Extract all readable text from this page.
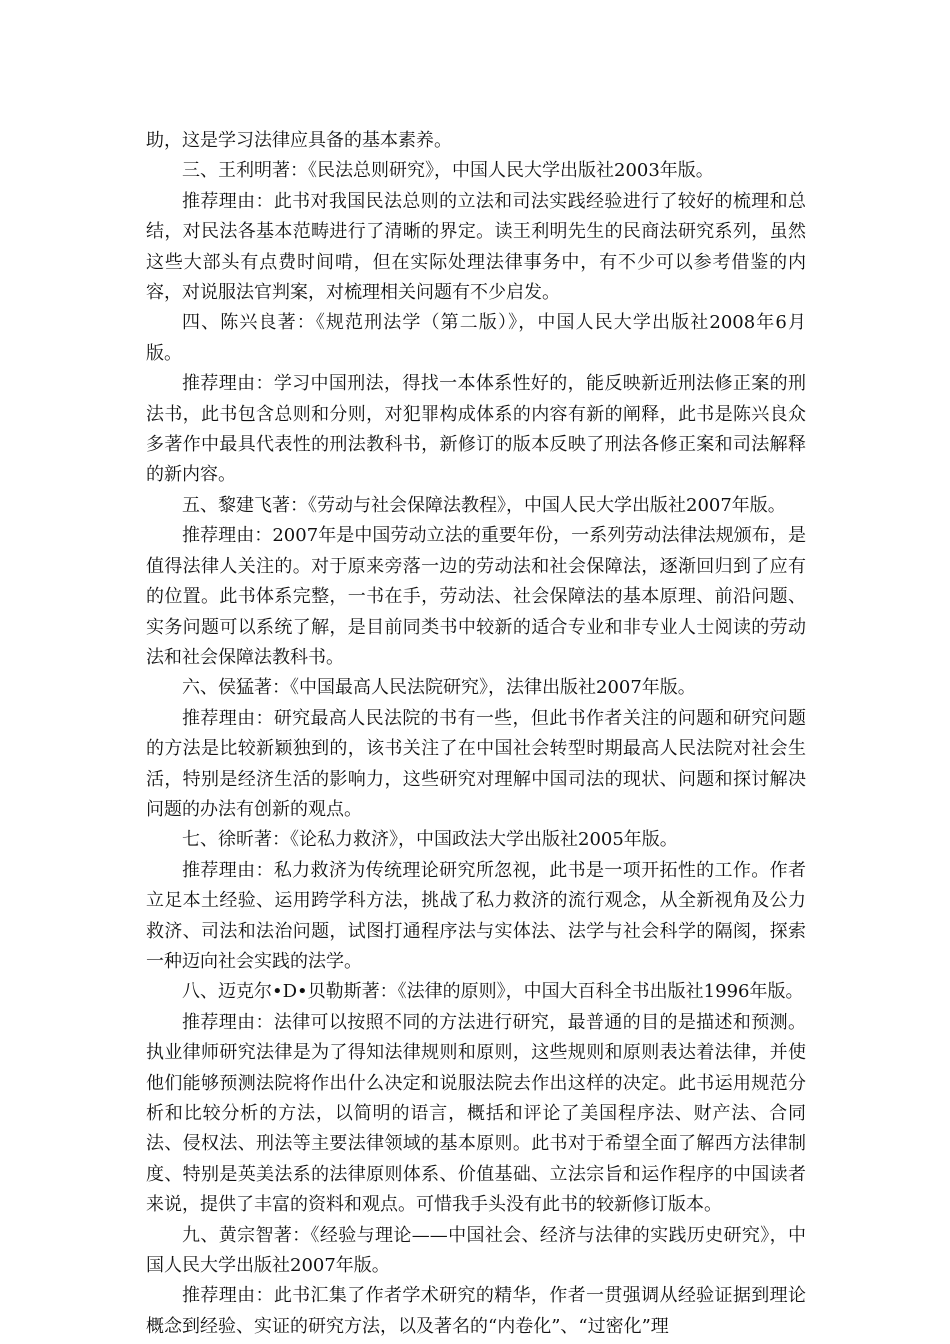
助，这是学习法律应具备的基本素养。

三、王利明著：《民法总则研究》，中国人民大学出版社2003年版。

推荐理由：此书对我国民法总则的立法和司法实践经验进行了较好的梳理和总结，对民法各基本范畴进行了清晰的界定。读王利明先生的民商法研究系列，虽然这些大部头有点费时间啃，但在实际处理法律事务中，有不少可以参考借鉴的内容，对说服法官判案，对梳理相关问题有不少启发。

四、陈兴良著：《规范刑法学（第二版）》，中国人民大学出版社2008年6月版。

推荐理由：学习中国刑法，得找一本体系性好的，能反映新近刑法修正案的刑法书，此书包含总则和分则，对犯罪构成体系的内容有新的阐释，此书是陈兴良众多著作中最具代表性的刑法教科书，新修订的版本反映了刑法各修正案和司法解释的新内容。

五、黎建飞著：《劳动与社会保障法教程》，中国人民大学出版社2007年版。

推荐理由：2007年是中国劳动立法的重要年份，一系列劳动法律法规颁布，是值得法律人关注的。对于原来旁落一边的劳动法和社会保障法，逐渐回归到了应有的位置。此书体系完整，一书在手，劳动法、社会保障法的基本原理、前沿问题、实务问题可以系统了解，是目前同类书中较新的适合专业和非专业人士阅读的劳动法和社会保障法教科书。

六、侯猛著：《中国最高人民法院研究》，法律出版社2007年版。

推荐理由：研究最高人民法院的书有一些，但此书作者关注的问题和研究问题的方法是比较新颖独到的，该书关注了在中国社会转型时期最高人民法院对社会生活，特别是经济生活的影响力，这些研究对理解中国司法的现状、问题和探讨解决问题的办法有创新的观点。

七、徐昕著：《论私力救济》，中国政法大学出版社2005年版。

推荐理由：私力救济为传统理论研究所忽视，此书是一项开拓性的工作。作者立足本土经验、运用跨学科方法，挑战了私力救济的流行观念，从全新视角及公力救济、司法和法治问题，试图打通程序法与实体法、法学与社会科学的隔阂，探索一种迈向社会实践的法学。

八、迈克尔•D•贝勒斯著：《法律的原则》，中国大百科全书出版社1996年版。

推荐理由：法律可以按照不同的方法进行研究，最普通的目的是描述和预测。执业律师研究法律是为了得知法律规则和原则，这些规则和原则表达着法律，并使他们能够预测法院将作出什么决定和说服法院去作出这样的决定。此书运用规范分析和比较分析的方法，以简明的语言，概括和评论了美国程序法、财产法、合同法、侵权法、刑法等主要法律领域的基本原则。此书对于希望全面了解西方法律制度、特别是英美法系的法律原则体系、价值基础、立法宗旨和运作程序的中国读者来说，提供了丰富的资料和观点。可惜我手头没有此书的较新修订版本。

九、黄宗智著：《经验与理论——中国社会、经济与法律的实践历史研究》，中国人民大学出版社2007年版。

推荐理由：此书汇集了作者学术研究的精华，作者一贯强调从经验证据到理论概念到经验、实证的研究方法，以及著名的“内卷化”、“过密化”理
